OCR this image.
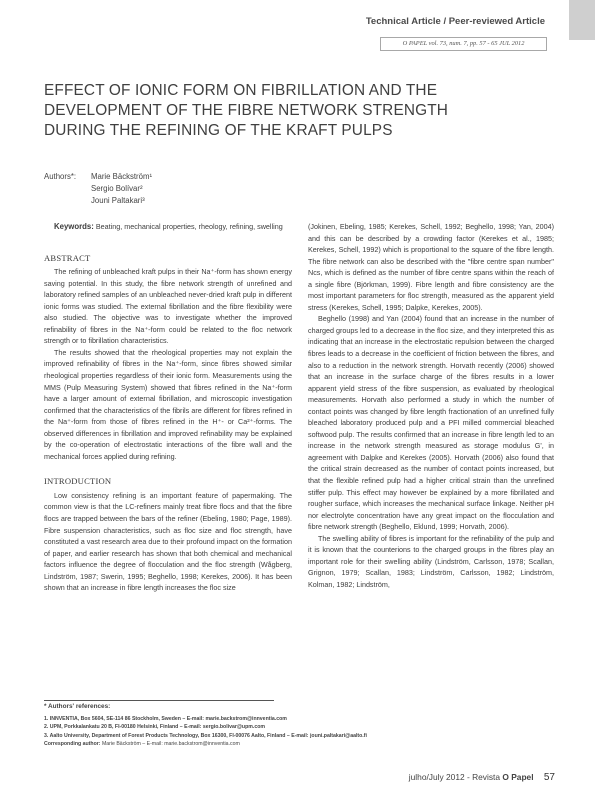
Technical Article / Peer-reviewed Article
O PAPEL vol. 73, num. 7, pp. 57 - 65 JUL 2012
EFFECT OF IONIC FORM ON FIBRILLATION AND THE
DEVELOPMENT OF THE FIBRE NETWORK STRENGTH
DURING THE REFINING OF THE KRAFT PULPS
Authors*: Marie Bäckström¹
Sergio Bolívar²
Jouni Paltakari³

Keywords: Beating, mechanical properties, rheology, refining, swelling

ABSTRACT

The refining of unbleached kraft pulps in their Na⁺-form has shown energy saving potential. In this study, the fibre network strength of unrefined and laboratory refined samples of an unbleached never-dried kraft pulp in different ionic forms was studied. The external fibrillation and the fibre flexibility were also studied. The objective was to investigate whether the improved refinability of fibres in the Na⁺-form could be related to the floc network strength or to fibrillation characteristics.

The results showed that the rheological properties may not explain the improved refinability of fibres in the Na⁺-form, since fibres showed similar rheological properties regardless of their ionic form. Measurements using the MMS (Pulp Measuring System) showed that fibres refined in the Na⁺-form have a larger amount of external fibrillation, and microscopic investigation confirmed that the characteristics of the fibrils are different for fibres refined in the Na⁺-form from those of fibres refined in the H⁺- or Ca²⁺-forms. The observed differences in fibrillation and improved refinability may be explained by the co-operation of electrostatic interactions of the fibre wall and the mechanical forces applied during refining.

INTRODUCTION

Low consistency refining is an important feature of papermaking. The common view is that the LC-refiners mainly treat fibre flocs and that the fibre flocs are trapped between the bars of the refiner (Ebeling, 1980; Page, 1989). Fibre suspension characteristics, such as floc size and floc strength, have constituted a vast research area due to their profound impact on the formation of paper, and earlier research has shown that both chemical and mechanical factors influence the degree of flocculation and the floc strength (Wågberg, Lindström, 1987; Swerin, 1995; Beghello, 1998; Kerekes, 2006). It has been shown that an increase in fibre length increases the floc size

(Jokinen, Ebeling, 1985; Kerekes, Schell, 1992; Beghello, 1998; Yan, 2004) and this can be described by a crowding factor (Kerekes et al., 1985; Kerekes, Schell, 1992) which is proportional to the square of the fibre length. The fibre network can also be described with the "fibre centre span number" Ncs, which is defined as the number of fibre centre spans within the reach of a single fibre (Björkman, 1999). Fibre length and fibre consistency are the most important parameters for floc strength, measured as the apparent yield stress (Kerekes, Schell, 1995; Dalpke, Kerekes, 2005).

Beghello (1998) and Yan (2004) found that an increase in the number of charged groups led to a decrease in the floc size, and they interpreted this as indicating that an increase in the electrostatic repulsion between the charged fibres leads to a decrease in the coefficient of friction between the fibres, and also to a reduction in the network strength. Horvath recently (2006) showed that an increase in the surface charge of the fibres results in a lower apparent yield stress of the fibre suspension, as evaluated by rheological measurements. Horvath also performed a study in which the number of contact points was changed by fibre length fractionation of an unrefined fully bleached laboratory produced pulp and a PFI milled commercial bleached softwood pulp. The results confirmed that an increase in fibre length led to an increase in the network strength measured as storage modulus G', in agreement with Dalpke and Kerekes (2005). Horvath (2006) also found that the critical strain decreased as the number of contact points increased, but that the flexible refined pulp had a higher critical strain than the unrefined stiffer pulp. This effect may however be explained by a more fibrillated and rougher surface, which increases the mechanical surface linkage. Neither pH nor electrolyte concentration have any great impact on the flocculation and fibre network strength (Beghello, Eklund, 1999; Horvath, 2006).

The swelling ability of fibres is important for the refinability of the pulp and it is known that the counterions to the charged groups in the fibres play an important role for their swelling ability (Lindström, Carlsson, 1978; Scallan, Grignon, 1979; Scallan, 1983; Lindström, Carlsson, 1982; Lindström, Kolman, 1982; Lindström,

* Authors' references:
1. INNVENTIA, Box 5604, SE-114 86 Stockholm, Sweden – E-mail: marie.backstrom@innventia.com
2. UPM, Porkkalankatu 20 B, FI-00180 Helsinki, Finland – E-mail: sergio.bolivar@upm.com
3. Aalto University, Department of Forest Products Technology, Box 16300, FI-00076 Aalto, Finland – E-mail: jouni.paltakari@aalto.fi
Corresponding author: Marie Bäckström – E-mail: marie.backstrom@innventia.com
julho/July 2012 - Revista O Papel 57
